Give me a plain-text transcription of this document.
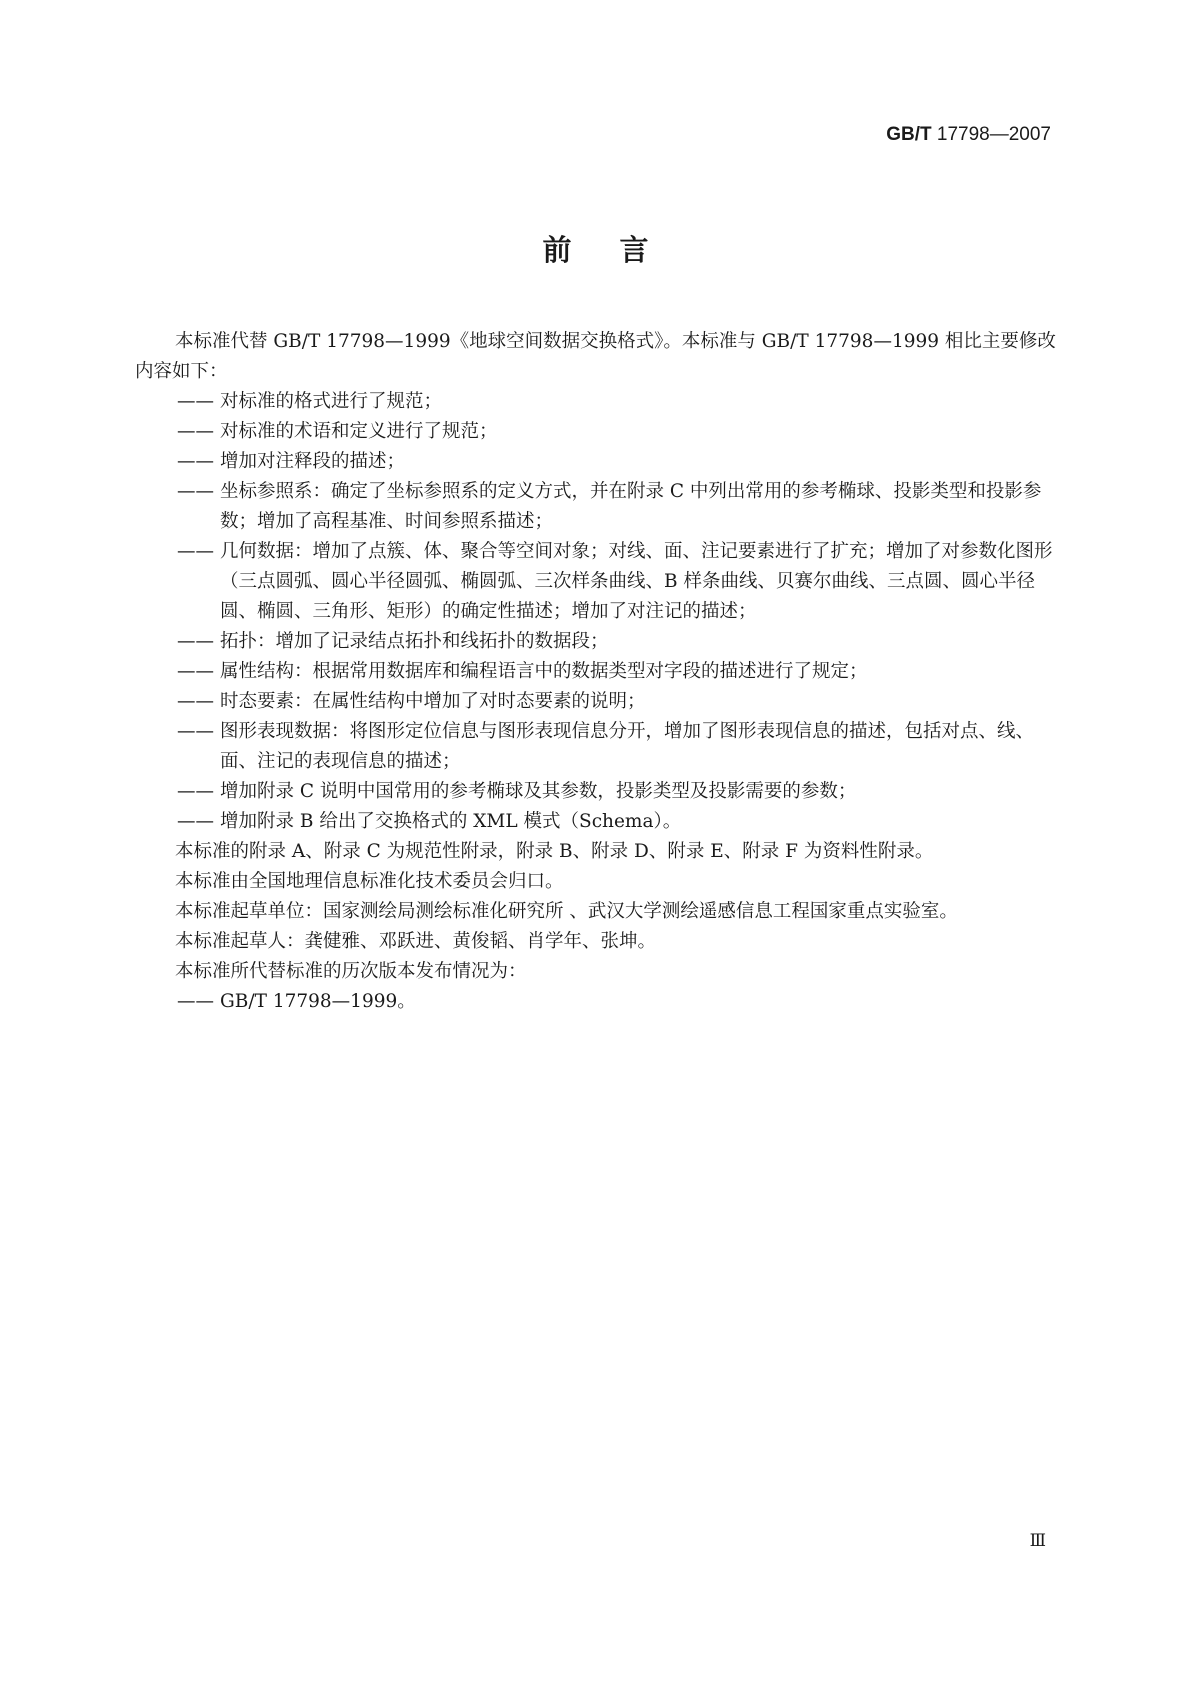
GB/T 17798—2007
前言

本标准代替 GB/T 17798—1999《地球空间数据交换格式》。本标准与 GB/T 17798—1999 相比主要修改内容如下：

—— 对标准的格式进行了规范；

—— 对标准的术语和定义进行了规范；

—— 增加对注释段的描述；

—— 坐标参照系：确定了坐标参照系的定义方式，并在附录 C 中列出常用的参考椭球、投影类型和投影参数；增加了高程基准、时间参照系描述；

—— 几何数据：增加了点簇、体、聚合等空间对象；对线、面、注记要素进行了扩充；增加了对参数化图形（三点圆弧、圆心半径圆弧、椭圆弧、三次样条曲线、B 样条曲线、贝赛尔曲线、三点圆、圆心半径圆、椭圆、三角形、矩形）的确定性描述；增加了对注记的描述；

—— 拓扑：增加了记录结点拓扑和线拓扑的数据段；

—— 属性结构：根据常用数据库和编程语言中的数据类型对字段的描述进行了规定；

—— 时态要素：在属性结构中增加了对时态要素的说明；

—— 图形表现数据：将图形定位信息与图形表现信息分开，增加了图形表现信息的描述，包括对点、线、面、注记的表现信息的描述；

—— 增加附录 C 说明中国常用的参考椭球及其参数，投影类型及投影需要的参数；

—— 增加附录 B 给出了交换格式的 XML 模式（Schema）。

本标准的附录 A、附录 C 为规范性附录，附录 B、附录 D、附录 E、附录 F 为资料性附录。

本标准由全国地理信息标准化技术委员会归口。

本标准起草单位：国家测绘局测绘标准化研究所 、武汉大学测绘遥感信息工程国家重点实验室。

本标准起草人：龚健雅、邓跃进、黄俊韬、肖学年、张坤。

本标准所代替标准的历次版本发布情况为：

—— GB/T 17798—1999。

Ⅲ
